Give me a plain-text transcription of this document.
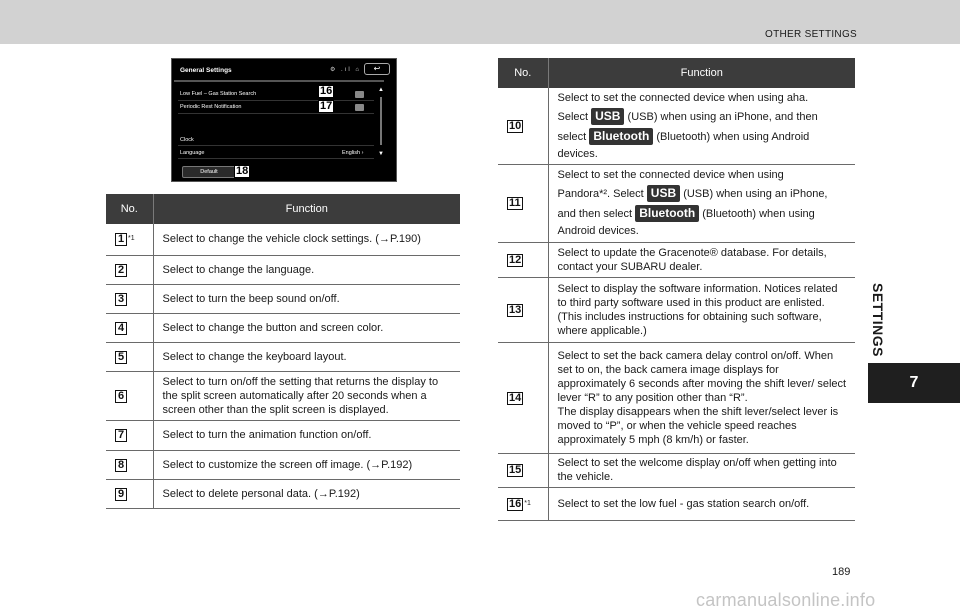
OTHER SETTINGS
SETTINGS
7
General Settings	⚙ .ıl ⌂	↩
Low Fuel – Gas Station Search
Periodic Rest Notification
Clock
Language	English ›
▲
▼
Default
16
17
18
No.	Function
1 $^{*1}$	Select to change the vehicle clock settings. (→P.190)
2	Select to change the language.
3	Select to turn the beep sound on/off.
4	Select to change the button and screen color.
5	Select to change the keyboard layout.
6	Select to turn on/off the setting that returns the display to the split screen automatically after 20 seconds when a screen other than the split screen is displayed.
7	Select to turn the animation function on/off.
8	Select to customize the screen off image. (→P.192)
9	Select to delete personal data. (→P.192)
No.	Function
10	Select to set the connected device when using aha.
Select USB (USB) when using an iPhone, and then
select Bluetooth (Bluetooth) when using Android
devices.

11	Select to set the connected device when using
Pandora*². Select USB (USB) when using an iPhone,
and then select Bluetooth (Bluetooth) when using
Android devices.

12	Select to update the Gracenote® database. For details, contact your SUBARU dealer.
13	Select to display the software information. Notices related to third party software used in this product are enlisted. (This includes instructions for obtaining such software, where applicable.)
14	Select to set the back camera delay control on/off. When set to on, the back camera image displays for approximately 6 seconds after moving the shift lever/ select lever “R” to any position other than “R”.
The display disappears when the shift lever/select lever is moved to “P”, or when the vehicle speed reaches approximately 5 mph (8 km/h) or faster.

15	Select to set the welcome display on/off when getting into the vehicle.
16 $^{*1}$	Select to set the low fuel - gas station search on/off.
189
carmanualsonline.info
